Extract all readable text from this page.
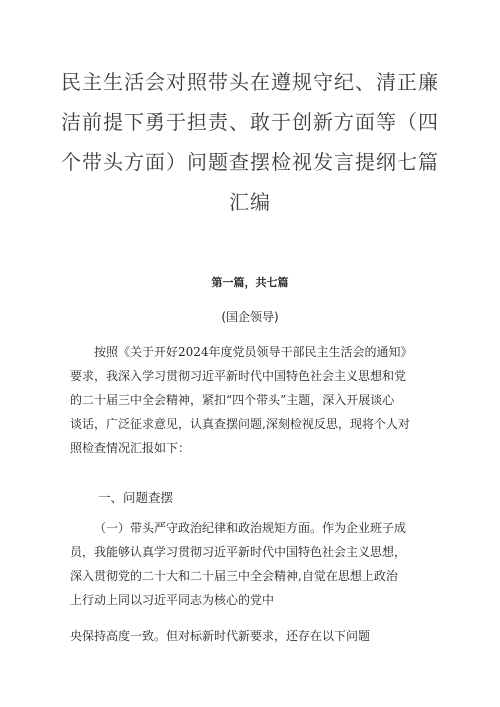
民主生活会对照带头在遵规守纪、清正廉
洁前提下勇于担责、敢于创新方面等（四
个带头方面）问题查摆检视发言提纲七篇
汇编
第一篇，共七篇
(国企领导)
按照《关于开好2024年度党员领导干部民主生活会的通知》
要求，我深入学习贯彻习近平新时代中国特色社会主义思想和党
的二十届三中全会精神，紧扣“四个带头”主题，深入开展谈心
谈话，广泛征求意见，认真查摆问题,深刻检视反思，现将个人对
照检查情况汇报如下：
一、问题查摆
（一）带头严守政治纪律和政治规矩方面。作为企业班子成
员，我能够认真学习贯彻习近平新时代中国特色社会主义思想，
深入贯彻党的二十大和二十届三中全会精神,自觉在思想上政治
上行动上同以习近平同志为核心的党中
央保持高度一致。但对标新时代新要求，还存在以下问题
